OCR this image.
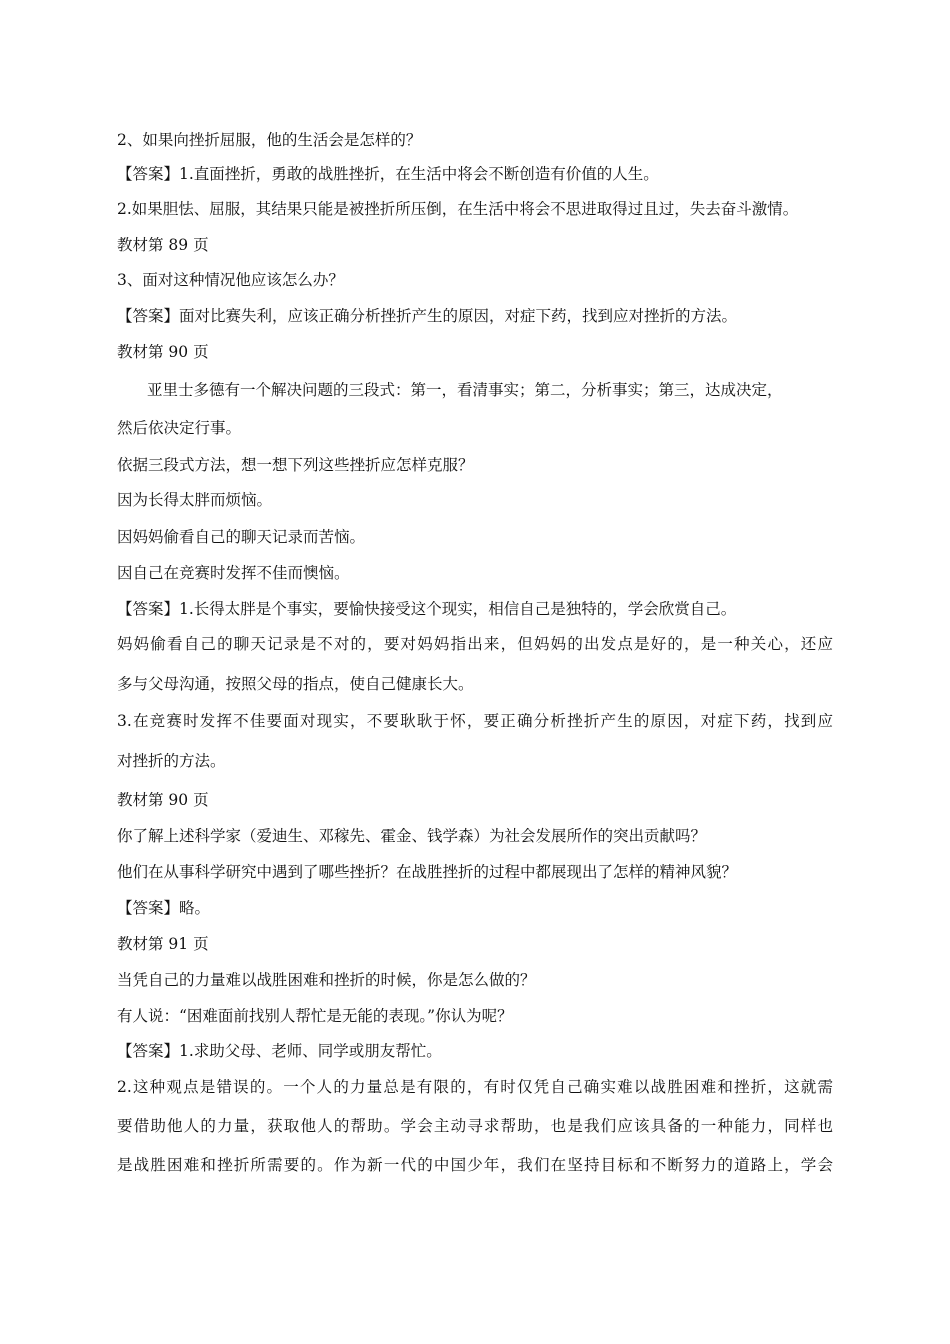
2、如果向挫折屈服，他的生活会是怎样的？
【答案】1.直面挫折，勇敢的战胜挫折，在生活中将会不断创造有价值的人生。
2.如果胆怯、屈服，其结果只能是被挫折所压倒，在生活中将会不思进取得过且过，失去奋斗激情。
教材第 89 页
3、面对这种情况他应该怎么办？
【答案】面对比赛失利，应该正确分析挫折产生的原因，对症下药，找到应对挫折的方法。
教材第 90 页
亚里士多德有一个解决问题的三段式：第一，看清事实；第二，分析事实；第三，达成决定，
然后依决定行事。
依据三段式方法，想一想下列这些挫折应怎样克服？
因为长得太胖而烦恼。
因妈妈偷看自己的聊天记录而苦恼。
因自己在竞赛时发挥不佳而懊恼。
【答案】1.长得太胖是个事实，要愉快接受这个现实，相信自己是独特的，学会欣赏自己。
妈妈偷看自己的聊天记录是不对的，要对妈妈指出来，但妈妈的出发点是好的，是一种关心，还应
多与父母沟通，按照父母的指点，使自己健康长大。
3.在竞赛时发挥不佳要面对现实，不要耿耿于怀，要正确分析挫折产生的原因，对症下药，找到应
对挫折的方法。
教材第 90 页
你了解上述科学家（爱迪生、邓稼先、霍金、钱学森）为社会发展所作的突出贡献吗？
他们在从事科学研究中遇到了哪些挫折？在战胜挫折的过程中都展现出了怎样的精神风貌？
【答案】略。
教材第 91 页
当凭自己的力量难以战胜困难和挫折的时候，你是怎么做的？
有人说：“困难面前找别人帮忙是无能的表现。”你认为呢？
【答案】1.求助父母、老师、同学或朋友帮忙。
2.这种观点是错误的。一个人的力量总是有限的，有时仅凭自己确实难以战胜困难和挫折，这就需
要借助他人的力量，获取他人的帮助。学会主动寻求帮助，也是我们应该具备的一种能力，同样也
是战胜困难和挫折所需要的。作为新一代的中国少年，我们在坚持目标和不断努力的道路上，学会
